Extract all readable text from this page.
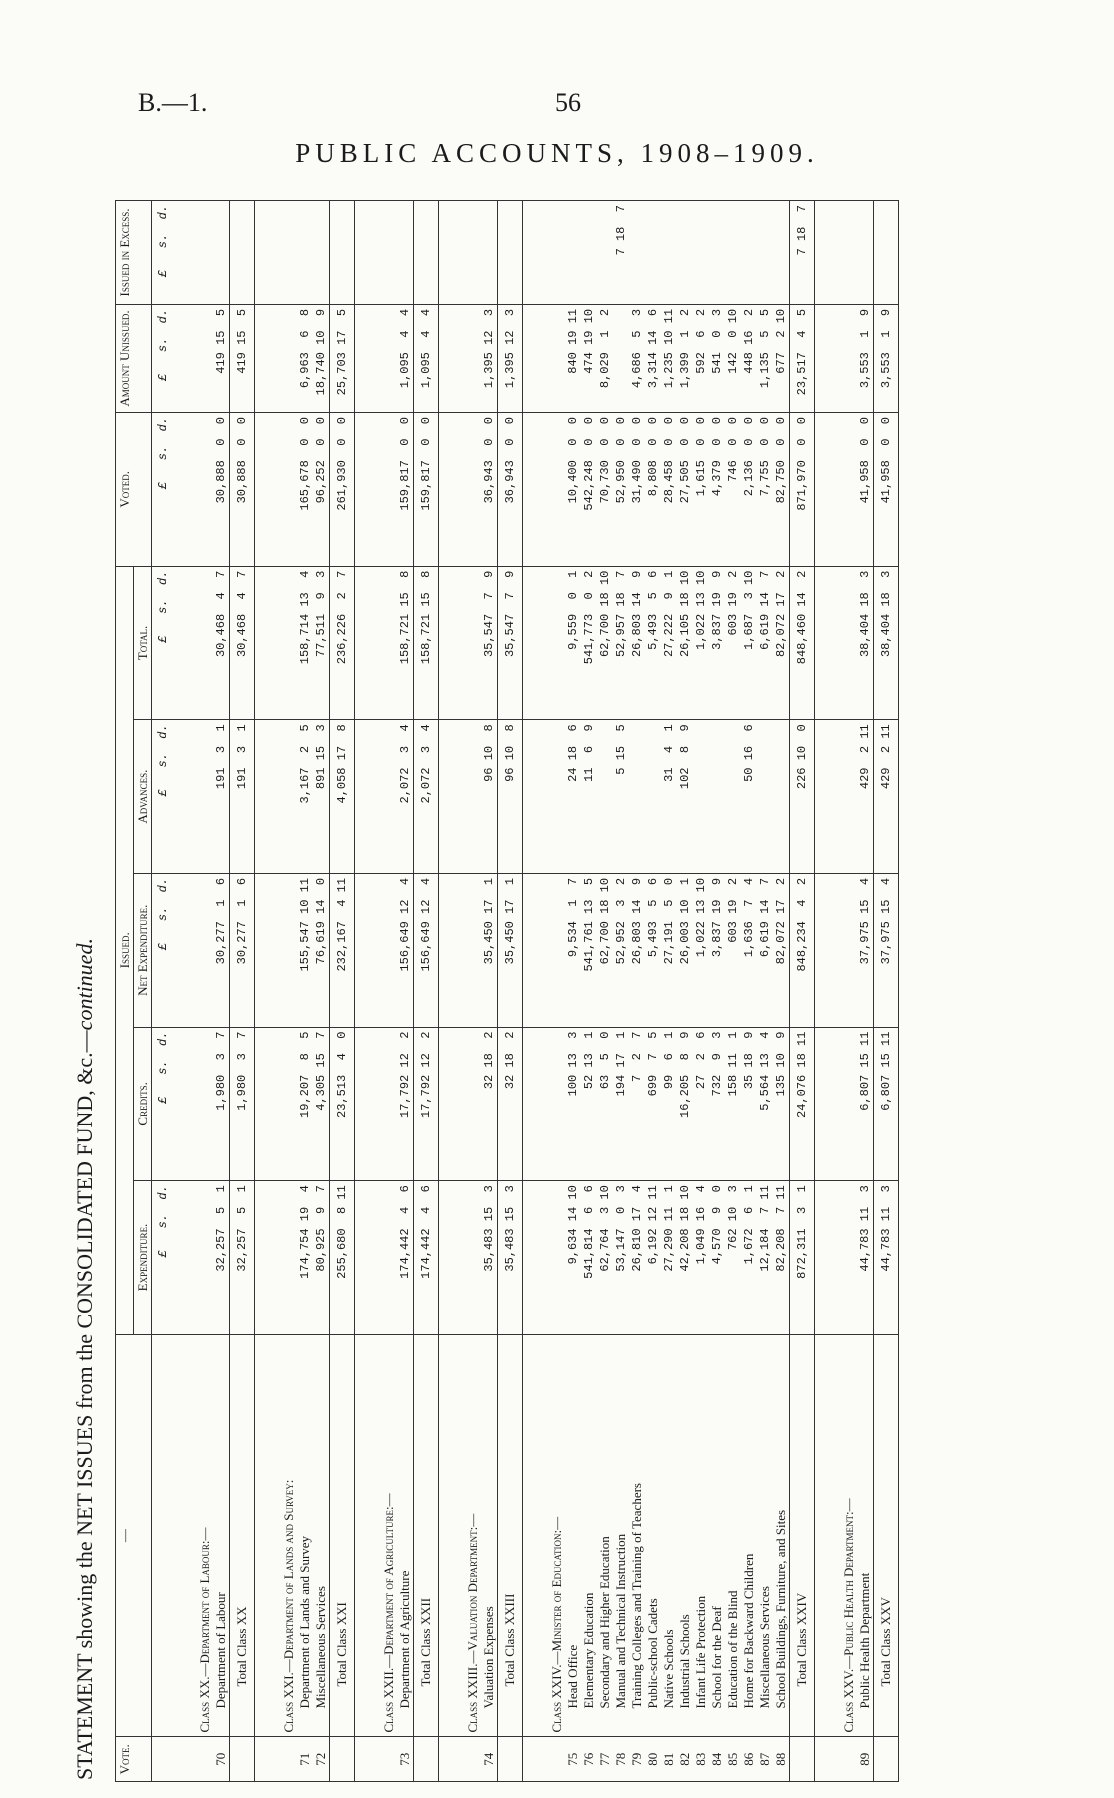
B.—1.	56
PUBLIC ACCOUNTS, 1908–1909.
STATEMENT showing the NET ISSUES from the CONSOLIDATED FUND, &c.—continued.
Vote.	—	Issued.					Voted.	Amount Unissued.	Issued in Excess.
		Expenditure.	Credits.	Net Expenditure.	Advances.	Total.			
		£   s.  d.	£   s.  d.	£   s.  d.	£   s.  d.	£   s.  d.	£   s.  d.	£   s.  d.	£   s.  d.

	Class XX.—Department of Labour:—								
70	Department of Labour	32,257  5  1	1,980  3  7	30,277  1  6	191  3  1	30,468  4  7	30,888  0  0	419 15  5	
	Total Class XX	32,257  5  1	1,980  3  7	30,277  1  6	191  3  1	30,468  4  7	30,888  0  0	419 15  5	

	Class XXI.—Department of Lands and Survey:								
71	Department of Lands and Survey	174,754 19  4	19,207  8  5	155,547 10 11	3,167  2  5	158,714 13  4	165,678  0  0	6,963  6  8	
72	Miscellaneous Services	80,925  9  7	4,305 15  7	76,619 14  0	891 15  3	77,511  9  3	96,252  0  0	18,740 10  9	
	Total Class XXI	255,680  8 11	23,513  4  0	232,167  4 11	4,058 17  8	236,226  2  7	261,930  0  0	25,703 17  5	

	Class XXII.—Department of Agriculture:—								
73	Department of Agriculture	174,442  4  6	17,792 12  2	156,649 12  4	2,072  3  4	158,721 15  8	159,817  0  0	1,095  4  4	
	Total Class XXII	174,442  4  6	17,792 12  2	156,649 12  4	2,072  3  4	158,721 15  8	159,817  0  0	1,095  4  4	

	Class XXIII.—Valuation Department:—								
74	Valuation Expenses	35,483 15  3	32 18  2	35,450 17  1	96 10  8	35,547  7  9	36,943  0  0	1,395 12  3	
	Total Class XXIII	35,483 15  3	32 18  2	35,450 17  1	96 10  8	35,547  7  9	36,943  0  0	1,395 12  3	

	Class XXIV.—Minister of Education:—								
75	Head Office	9,634 14 10	100 13  3	9,534  1  7	24 18  6	9,559  0  1	10,400  0  0	840 19 11	
76	Elementary Education	541,814  6  6	52 13  1	541,761 13  5	11  6  9	541,773  0  2	542,248  0  0	474 19 10	
77	Secondary and Higher Education	62,764  3 10	63  5  0	62,700 18 10		62,700 18 10	70,730  0  0	8,029  1  2	
78	Manual and Technical Instruction	53,147  0  3	194 17  1	52,952  3  2	5 15  5	52,957 18  7	52,950  0  0		7 18  7
79	Training Colleges and Training of Teachers	26,810 17  4	7  2  7	26,803 14  9		26,803 14  9	31,490  0  0	4,686  5  3	
80	Public-school Cadets	6,192 12 11	699  7  5	5,493  5  6		5,493  5  6	8,808  0  0	3,314 14  6	
81	Native Schools	27,290 11  1	99  6  1	27,191  5  0	31  4  1	27,222  9  1	28,458  0  0	1,235 10 11	
82	Industrial Schools	42,208 18 10	16,205  8  9	26,003 10  1	102  8  9	26,105 18 10	27,505  0  0	1,399  1  2	
83	Infant Life Protection	1,049 16  4	27  2  6	1,022 13 10		1,022 13 10	1,615  0  0	592  6  2	
84	School for the Deaf	4,570  9  0	732  9  3	3,837 19  9		3,837 19  9	4,379  0  0	541  0  3	
85	Education of the Blind	762 10  3	158 11  1	603 19  2		603 19  2	746  0  0	142  0 10	
86	Home for Backward Children	1,672  6  1	35 18  9	1,636  7  4	50 16  6	1,687  3 10	2,136  0  0	448 16  2	
87	Miscellaneous Services	12,184  7 11	5,564 13  4	6,619 14  7		6,619 14  7	7,755  0  0	1,135  5  5	
88	School Buildings, Furniture, and Sites	82,208  7 11	135 10  9	82,072 17  2		82,072 17  2	82,750  0  0	677  2 10	
	Total Class XXIV	872,311  3  1	24,076 18 11	848,234  4  2	226 10  0	848,460 14  2	871,970  0  0	23,517  4  5	7 18  7

	Class XXV.—Public Health Department:—								
89	Public Health Department	44,783 11  3	6,807 15 11	37,975 15  4	429  2 11	38,404 18  3	41,958  0  0	3,553  1  9	
	Total Class XXV	44,783 11  3	6,807 15 11	37,975 15  4	429  2 11	38,404 18  3	41,958  0  0	3,553  1  9	
